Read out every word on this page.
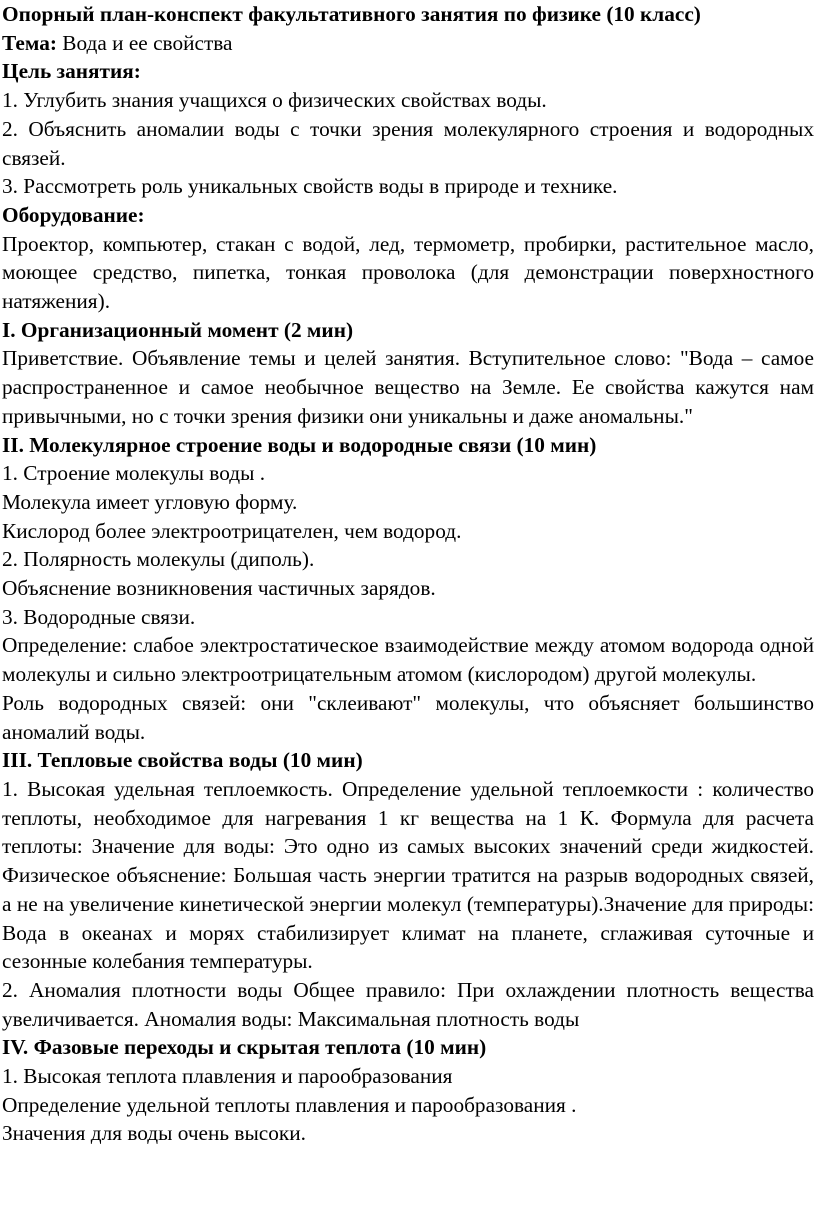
Опорный план-конспект факультативного занятия по физике (10 класс)

Тема: Вода и ее свойства

Цель занятия:

1. Углубить знания учащихся о физических свойствах воды.

2. Объяснить аномалии воды с точки зрения молекулярного строения и водородных связей.

3. Рассмотреть роль уникальных свойств воды в природе и технике.

Оборудование:

Проектор, компьютер, стакан с водой, лед, термометр, пробирки, растительное масло, моющее средство, пипетка, тонкая проволока (для демонстрации поверхностного натяжения).

I. Организационный момент (2 мин)

Приветствие. Объявление темы и целей занятия. Вступительное слово: "Вода – самое распространенное и самое необычное вещество на Земле. Ее свойства кажутся нам привычными, но с точки зрения физики они уникальны и даже аномальны."

II. Молекулярное строение воды и водородные связи (10 мин)

1. Строение молекулы воды .

Молекула имеет угловую форму.

Кислород более электроотрицателен, чем водород.

2. Полярность молекулы (диполь).

Объяснение возникновения частичных зарядов.

3. Водородные связи.

Определение: слабое электростатическое взаимодействие между атомом водорода одной молекулы и сильно электроотрицательным атомом (кислородом) другой молекулы.

Роль водородных связей: они "склеивают" молекулы, что объясняет большинство аномалий воды.

III. Тепловые свойства воды (10 мин)

1. Высокая удельная теплоемкость. Определение удельной теплоемкости : количество теплоты, необходимое для нагревания 1 кг вещества на 1 К. Формула для расчета теплоты: Значение для воды: Это одно из самых высоких значений среди жидкостей. Физическое объяснение: Большая часть энергии тратится на разрыв водородных связей, а не на увеличение кинетической энергии молекул (температуры).Значение для природы: Вода в океанах и морях стабилизирует климат на планете, сглаживая суточные и сезонные колебания температуры.

2. Аномалия плотности воды Общее правило: При охлаждении плотность вещества увеличивается. Аномалия воды: Максимальная плотность воды

IV. Фазовые переходы и скрытая теплота (10 мин)

1. Высокая теплота плавления и парообразования

Определение удельной теплоты плавления и парообразования .

Значения для воды очень высоки.
